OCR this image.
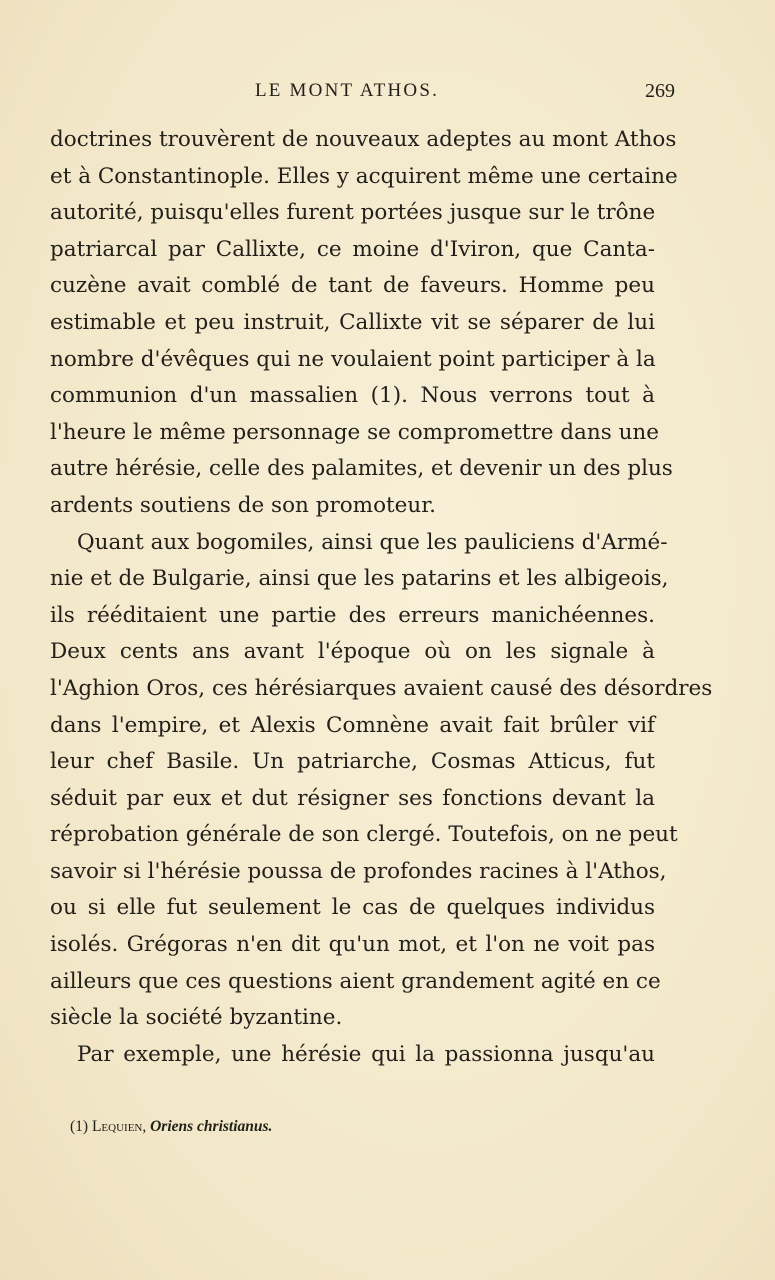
LE MONT ATHOS.	269
doctrines trouvèrent de nouveaux adeptes au mont Athos
et à Constantinople. Elles y acquirent même une certaine
autorité, puisqu'elles furent portées jusque sur le trône
patriarcal par Callixte, ce moine d'Iviron, que Canta-
cuzène avait comblé de tant de faveurs. Homme peu
estimable et peu instruit, Callixte vit se séparer de lui
nombre d'évêques qui ne voulaient point participer à la
communion d'un massalien (1). Nous verrons tout à
l'heure le même personnage se compromettre dans une
autre hérésie, celle des palamites, et devenir un des plus
ardents soutiens de son promoteur.
Quant aux bogomiles, ainsi que les pauliciens d'Armé-
nie et de Bulgarie, ainsi que les patarins et les albigeois,
ils rééditaient une partie des erreurs manichéennes.
Deux cents ans avant l'époque où on les signale à
l'Aghion Oros, ces hérésiarques avaient causé des désordres
dans l'empire, et Alexis Comnène avait fait brûler vif
leur chef Basile. Un patriarche, Cosmas Atticus, fut
séduit par eux et dut résigner ses fonctions devant la
réprobation générale de son clergé. Toutefois, on ne peut
savoir si l'hérésie poussa de profondes racines à l'Athos,
ou si elle fut seulement le cas de quelques individus
isolés. Grégoras n'en dit qu'un mot, et l'on ne voit pas
ailleurs que ces questions aient grandement agité en ce
siècle la société byzantine.
Par exemple, une hérésie qui la passionna jusqu'au
(1) Lequien, Oriens christianus.
